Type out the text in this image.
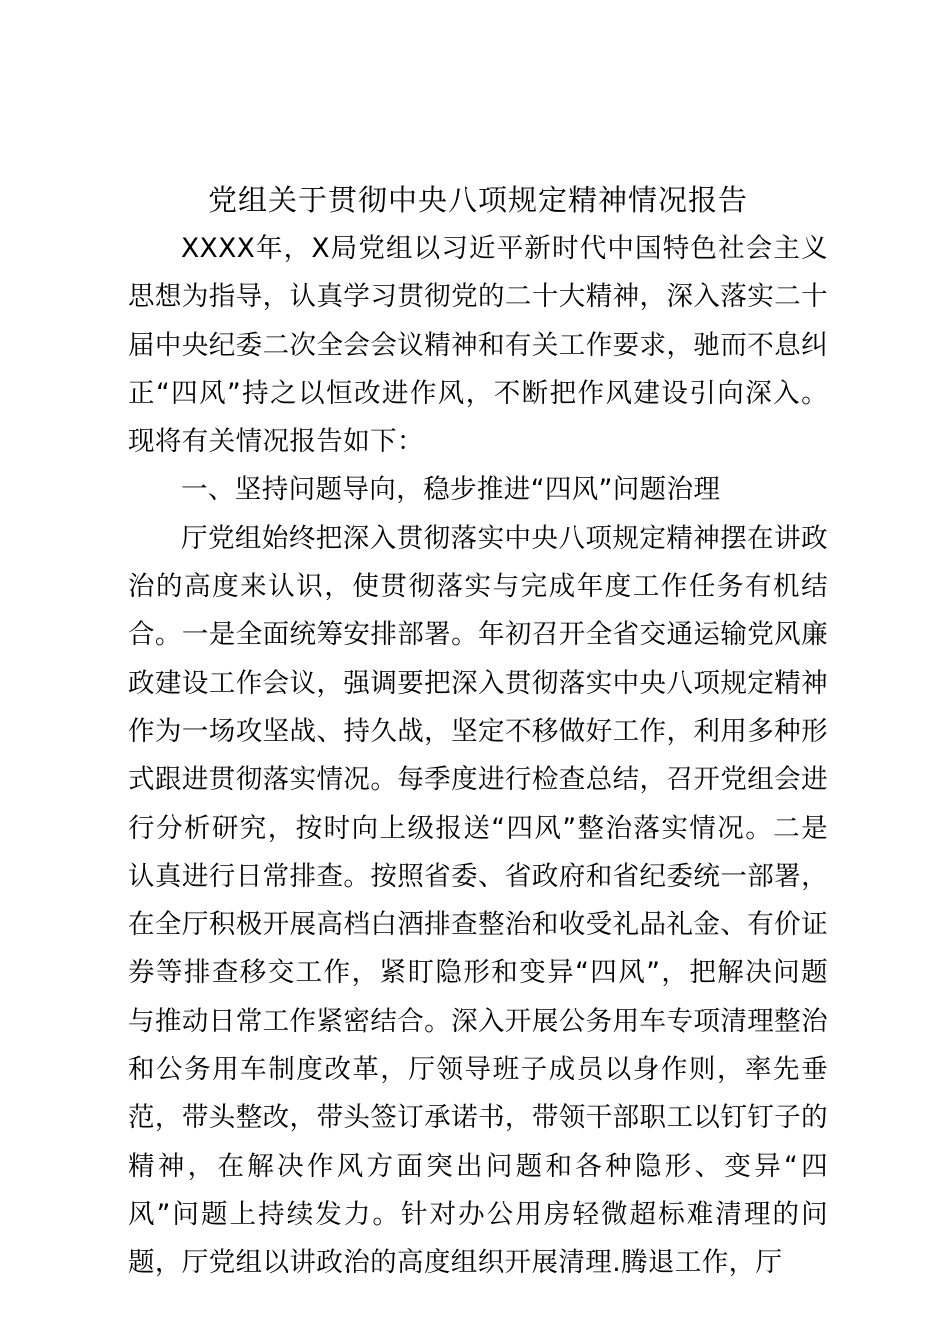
党组关于贯彻中央八项规定精神情况报告

XXXX年，X局党组以习近平新时代中国特色社会主义思想为指导，认真学习贯彻党的二十大精神，深入落实二十届中央纪委二次全会会议精神和有关工作要求，驰而不息纠正“四风”持之以恒改进作风，不断把作风建设引向深入。现将有关情况报告如下：

一、坚持问题导向，稳步推进“四风”问题治理

厅党组始终把深入贯彻落实中央八项规定精神摆在讲政治的高度来认识，使贯彻落实与完成年度工作任务有机结合。一是全面统筹安排部署。年初召开全省交通运输党风廉政建设工作会议，强调要把深入贯彻落实中央八项规定精神作为一场攻坚战、持久战，坚定不移做好工作，利用多种形式跟进贯彻落实情况。每季度进行检查总结，召开党组会进行分析研究，按时向上级报送“四风”整治落实情况。二是认真进行日常排查。按照省委、省政府和省纪委统一部署，在全厅积极开展高档白酒排查整治和收受礼品礼金、有价证券等排查移交工作，紧盯隐形和变异“四风”，把解决问题与推动日常工作紧密结合。深入开展公务用车专项清理整治和公务用车制度改革，厅领导班子成员以身作则，率先垂范，带头整改，带头签订承诺书，带领干部职工以钉钉子的精神，在解决作风方面突出问题和各种隐形、变异“四风”问题上持续发力。针对办公用房轻微超标难清理的问题，厅党组以讲政治的高度组织开展清理.腾退工作，厅
